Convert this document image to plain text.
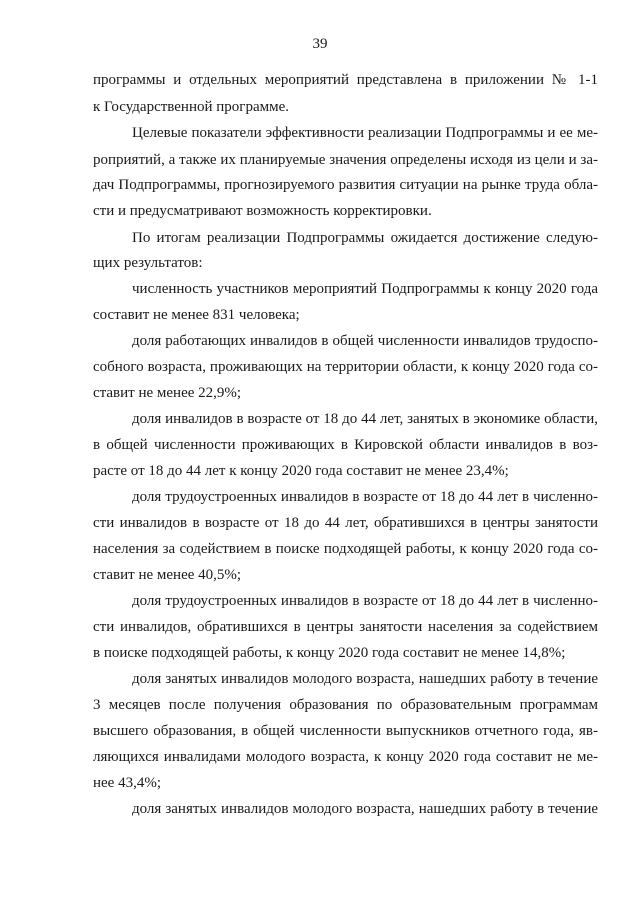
39

программы и отдельных мероприятий представлена в приложении № 1-1

к Государственной программе.

Целевые показатели эффективности реализации Подпрограммы и ее ме-

роприятий, а также их планируемые значения определены исходя из цели и за-

дач Подпрограммы, прогнозируемого развития ситуации на рынке труда обла-

сти и предусматривают возможность корректировки.

По итогам реализации Подпрограммы ожидается достижение следую-

щих результатов:

численность участников мероприятий Подпрограммы к концу 2020 года

составит не менее 831 человека;

доля работающих инвалидов в общей численности инвалидов трудоспо-

собного возраста, проживающих на территории области, к концу 2020 года со-

ставит не менее 22,9%;

доля инвалидов в возрасте от 18 до 44 лет, занятых в экономике области,

в общей численности проживающих в Кировской области инвалидов в воз-

расте от 18 до 44 лет к концу 2020 года составит не менее 23,4%;

доля трудоустроенных инвалидов в возрасте от 18 до 44 лет в численно-

сти инвалидов в возрасте от 18 до 44 лет, обратившихся в центры занятости

населения за содействием в поиске подходящей работы, к концу 2020 года со-

ставит не менее 40,5%;

доля трудоустроенных инвалидов в возрасте от 18 до 44 лет в численно-

сти инвалидов, обратившихся в центры занятости населения за содействием

в поиске подходящей работы, к концу 2020 года составит не менее 14,8%;

доля занятых инвалидов молодого возраста, нашедших работу в течение

3 месяцев после получения образования по образовательным программам

высшего образования, в общей численности выпускников отчетного года, яв-

ляющихся инвалидами молодого возраста, к концу 2020 года составит не ме-

нее 43,4%;

доля занятых инвалидов молодого возраста, нашедших работу в течение
